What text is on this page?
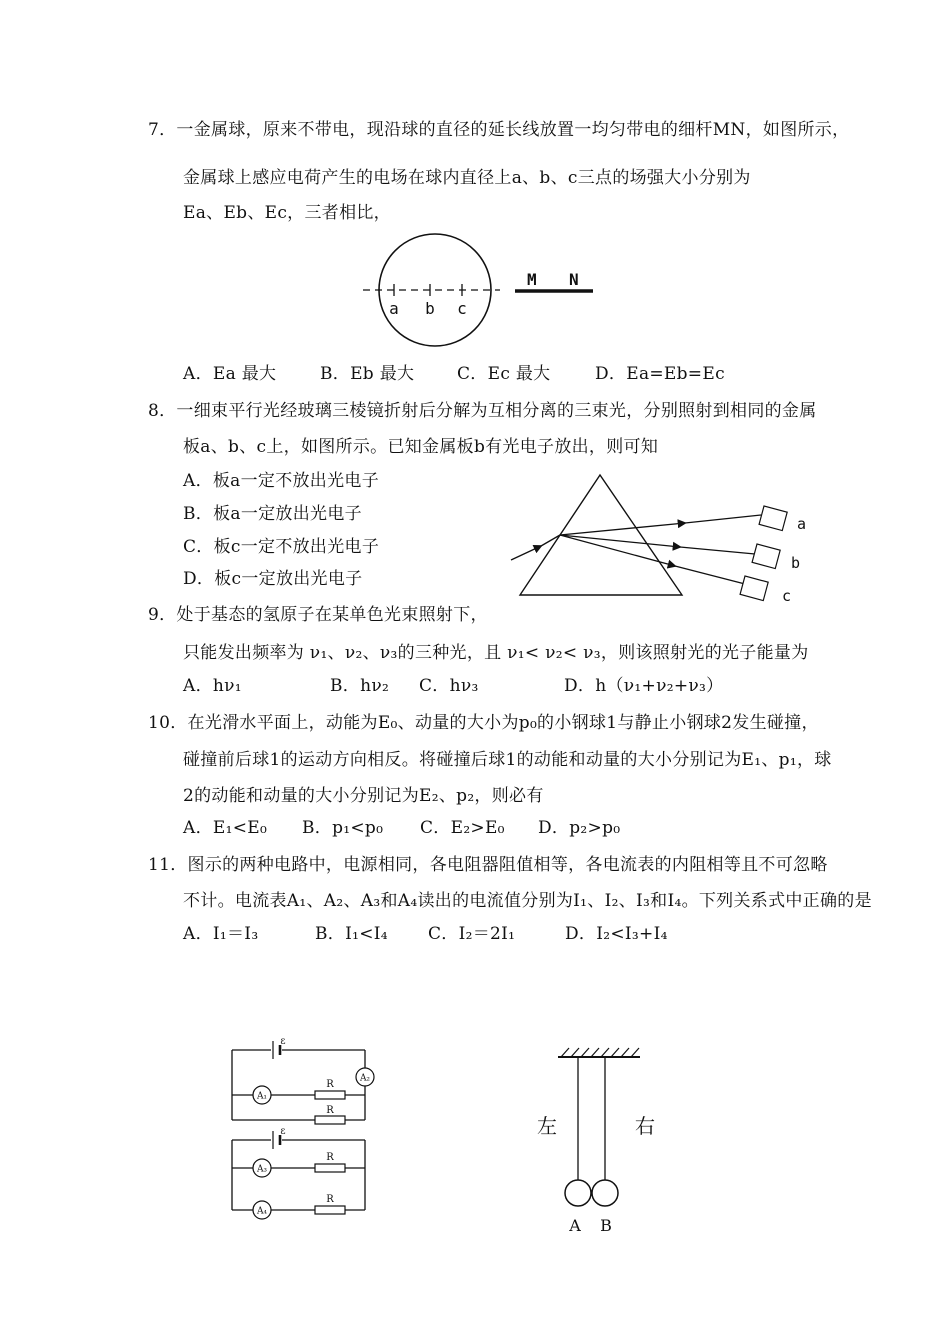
7．一金属球，原来不带电，现沿球的直径的延长线放置一均匀带电的细杆MN，如图所示，
金属球上感应电荷产生的电场在球内直径上a、b、c三点的场强大小分别为
Ea、Eb、Ec，三者相比，
a b c
M N
A．Ea 最大	B．Eb 最大	C．Ec 最大	D．Ea=Eb=Ec
8．一细束平行光经玻璃三棱镜折射后分解为互相分离的三束光，分别照射到相同的金属
板a、b、c上，如图所示。已知金属板b有光电子放出，则可知
A．板a一定不放出光电子
B．板a一定放出光电子
C．板c一定不放出光电子
D．板c一定放出光电子
a
b
c
9．处于基态的氢原子在某单色光束照射下，
只能发出频率为 ν₁、ν₂、ν₃的三种光，且 ν₁< ν₂< ν₃，则该照射光的光子能量为
A．hν₁	B．hν₂ C．hν₃	D．h（ν₁+ν₂+ν₃）
10．在光滑水平面上，动能为E₀、动量的大小为p₀的小钢球1与静止小钢球2发生碰撞，
碰撞前后球1的运动方向相反。将碰撞后球1的动能和动量的大小分别记为E₁、p₁，球
2的动能和动量的大小分别记为E₂、p₂，则必有
A．E₁<E₀ B．p₁<p₀ C．E₂>E₀ D．p₂>p₀
11．图示的两种电路中，电源相同，各电阻器阻值相等，各电流表的内阻相等且不可忽略
不计。电流表A₁、A₂、A₃和A₄读出的电流值分别为I₁、I₂、I₃和I₄。下列关系式中正确的是
A．I₁＝I₃	B．I₁<I₄ C．I₂＝2I₁	D．I₂<I₃+I₄
ε
A₂
A₁
R
R
ε
A₃
R
A₄
R
左	右
A B
